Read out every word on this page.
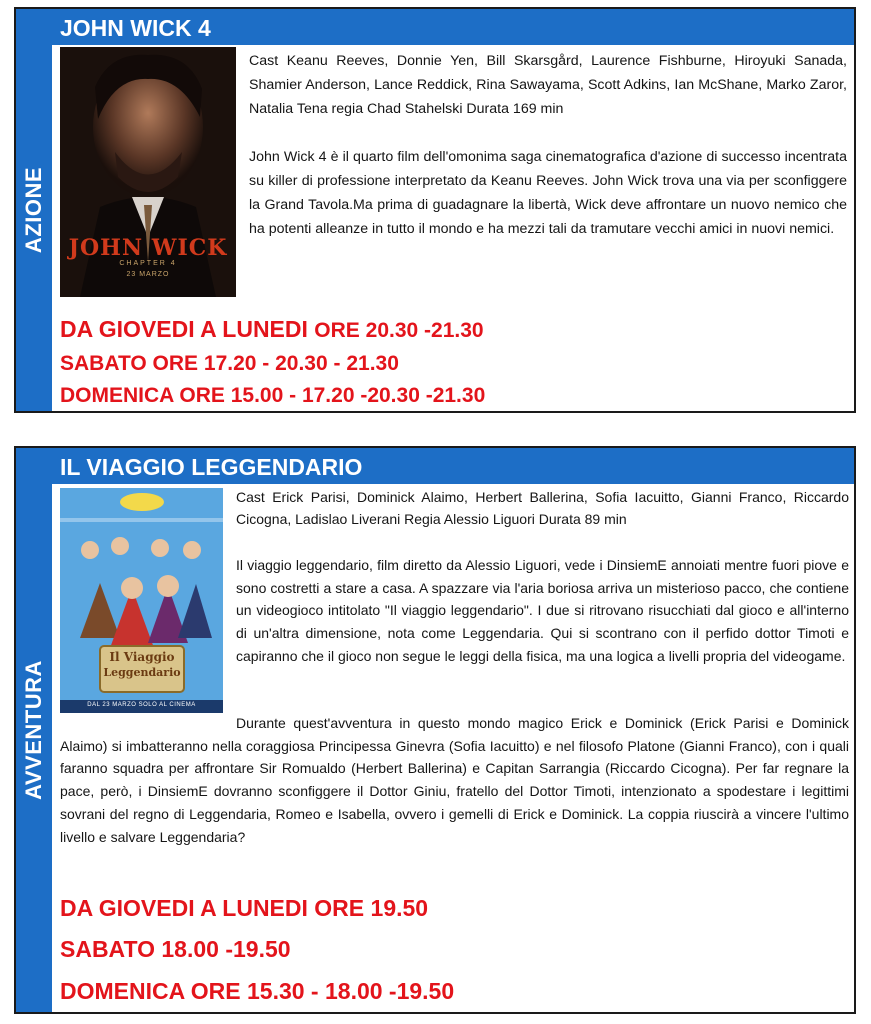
AZIONE
JOHN WICK 4
JOHN WICK
CHAPTER 4
23 MARZO

Cast Keanu Reeves, Donnie Yen, Bill Skarsgård, Laurence Fishburne, Hiroyuki Sanada, Shamier Anderson, Lance Reddick, Rina Sawayama, Scott Adkins, Ian McShane, Marko Zaror, Natalia Tena regia Chad Stahelski Durata 169 min

John Wick 4 è il quarto film dell'omonima saga cinematografica d'azione di successo incentrata su killer di professione interpretato da Keanu Reeves. John Wick trova una via per sconfiggere la Grand Tavola.Ma prima di guadagnare la libertà, Wick deve affrontare un nuovo nemico che ha potenti alleanze in tutto il mondo e ha mezzi tali da tramutare vecchi amici in nuovi nemici.

DA GIOVEDI A LUNEDI ORE 20.30 -21.30
SABATO ORE 17.20 - 20.30 - 21.30
DOMENICA ORE 15.00 - 17.20 -20.30 -21.30
AVVENTURA
IL VIAGGIO LEGGENDARIO
Il Viaggio
Leggendario
DAL 23 MARZO SOLO AL CINEMA
Cast Erick Parisi, Dominick Alaimo, Herbert Ballerina, Sofia Iacuitto, Gianni Franco, Riccardo Cicogna, Ladislao Liverani Regia Alessio Liguori Durata 89 min
Il viaggio leggendario, film diretto da Alessio Liguori, vede i DinsiemE annoiati mentre fuori piove e sono costretti a stare a casa. A spazzare via l'aria boriosa arriva un misterioso pacco, che contiene un videogioco intitolato "Il viaggio leggendario". I due si ritrovano risucchiati dal gioco e all'interno di un'altra dimensione, nota come Leggendaria. Qui si scontrano con il perfido dottor Timoti e capiranno che il gioco non segue le leggi della fisica, ma una logica a livelli propria del videogame.
Durante quest'avventura in questo mondo magico Erick e Dominick (Erick Parisi e Dominick Alaimo) si imbatteranno nella coraggiosa Principessa Ginevra (Sofia Iacuitto) e nel filosofo Platone (Gianni Franco), con i quali faranno squadra per affrontare Sir Romualdo (Herbert Ballerina) e Capitan Sarrangia (Riccardo Cicogna). Per far regnare la pace, però, i DinsiemE dovranno sconfiggere il Dottor Giniu, fratello del Dottor Timoti, intenzionato a spodestare i legittimi sovrani del regno di Leggendaria, Romeo e Isabella, ovvero i gemelli di Erick e Dominick. La coppia riuscirà a vincere l'ultimo livello e salvare Leggendaria?
DA GIOVEDI A LUNEDI ORE 19.50
SABATO 18.00 -19.50
DOMENICA ORE 15.30 - 18.00 -19.50
